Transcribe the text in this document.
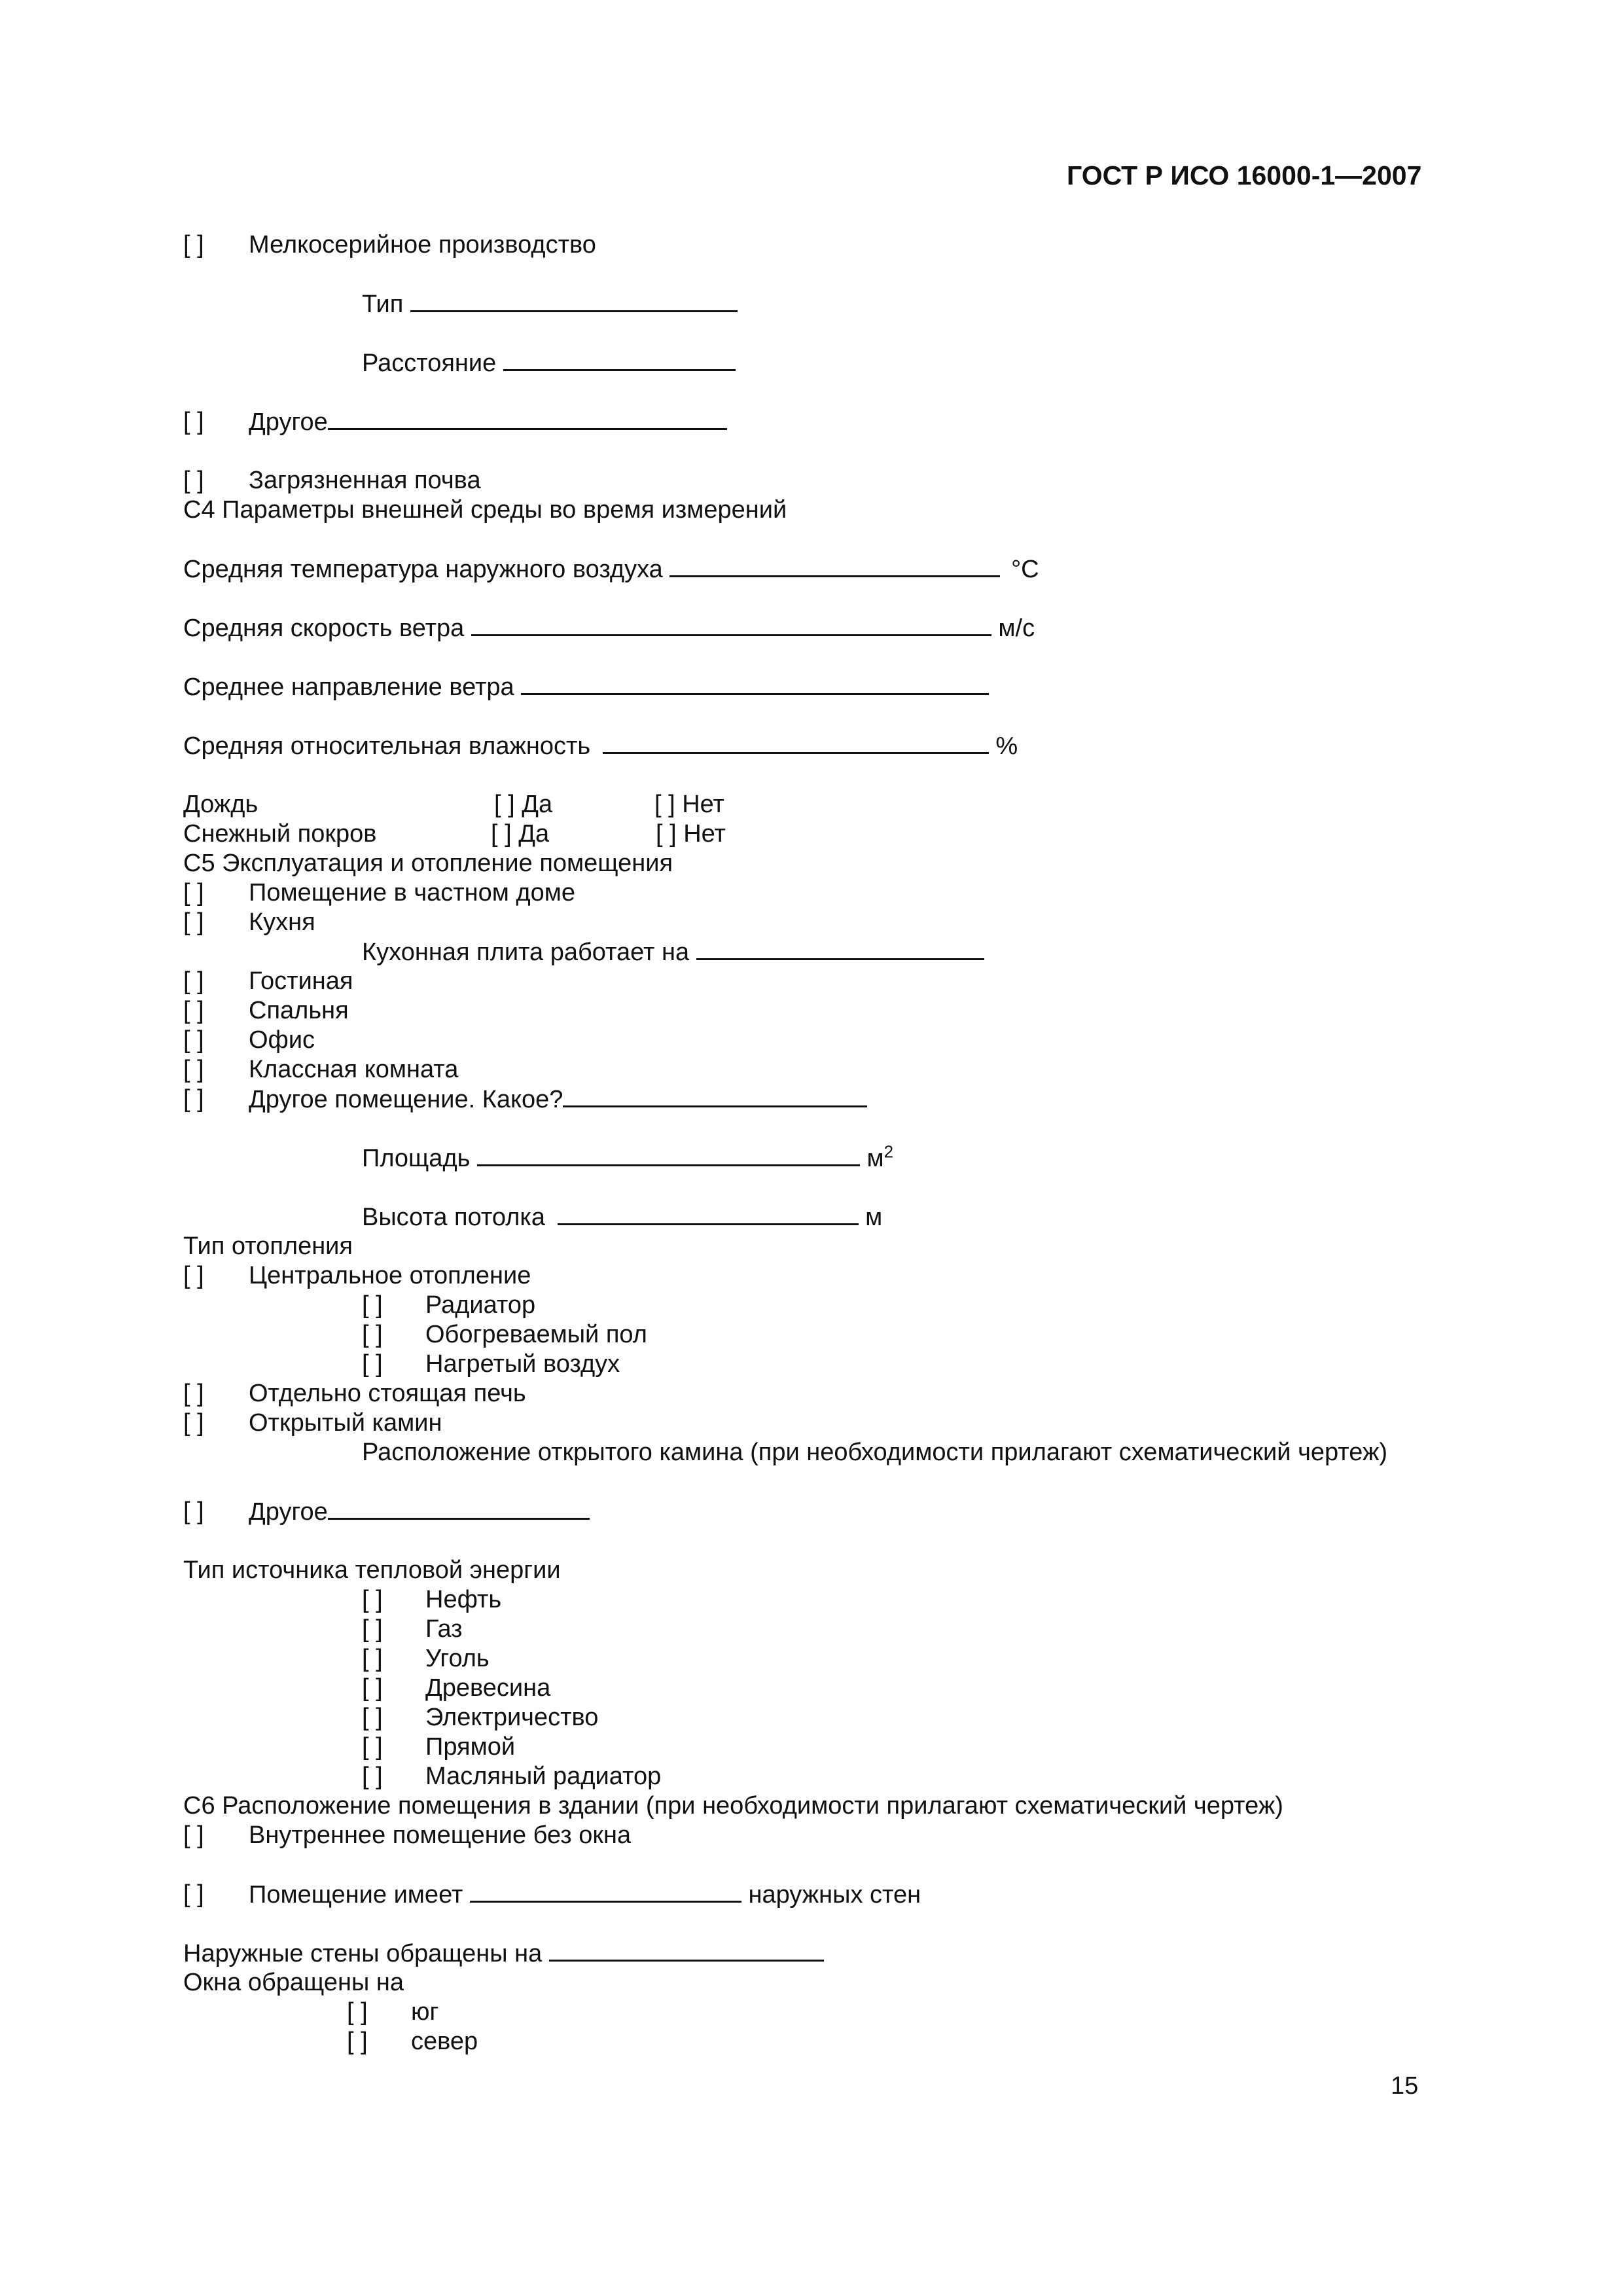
ГОСТ Р ИСО 16000-1—2007
[ ] Мелкосерийное производство
Тип
Расстояние
[ ] Другое
[ ] Загрязненная почва
С4 Параметры внешней среды во время измерений
Средняя температура наружного воздуха	°С
Средняя скорость ветра	м/с
Среднее направление ветра
Средняя относительная влажность	%
Дождь	[ ] Да	[ ] Нет
Снежный покров	[ ] Да	[ ] Нет
С5 Эксплуатация и отопление помещения
[ ] Помещение в частном доме
[ ] Кухня
Кухонная плита работает на
[ ] Гостиная
[ ] Спальня
[ ] Офис
[ ] Классная комната
[ ] Другое помещение. Какое?
Площадь	$м^2$
Высота потолка	м
Тип отопления
[ ] Центральное отопление
[ ] Радиатор
[ ] Обогреваемый пол
[ ] Нагретый воздух
[ ] Отдельно стоящая печь
[ ] Открытый камин
Расположение открытого камина (при необходимости прилагают схематический чертеж)
[ ] Другое
Тип источника тепловой энергии
[ ] Нефть
[ ] Газ
[ ] Уголь
[ ] Древесина
[ ] Электричество
[ ] Прямой
[ ] Масляный радиатор
С6 Расположение помещения в здании (при необходимости прилагают схематический чертеж)
[ ] Внутреннее помещение без окна
[ ] Помещение имеет	наружных стен
Наружные стены обращены на
Окна обращены на
[ ] юг
[ ] север
15
